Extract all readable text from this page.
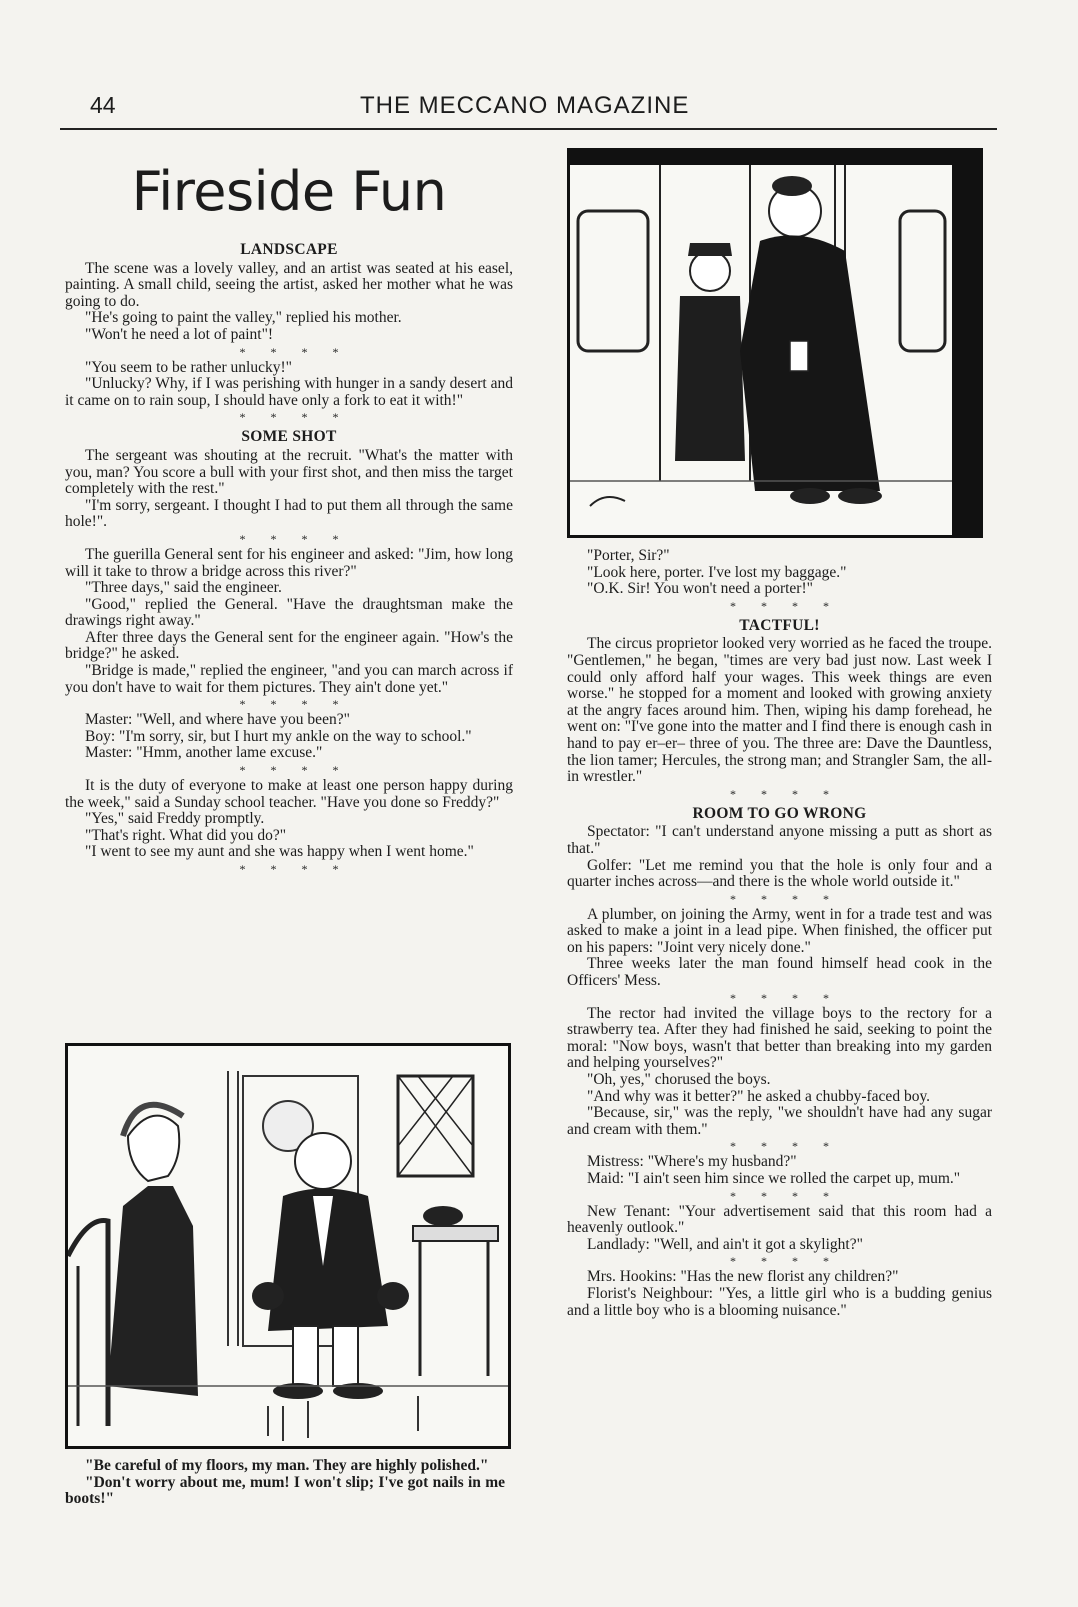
44	THE MECCANO MAGAZINE
Fireside Fun
LANDSCAPE

The scene was a lovely valley, and an artist was seated at his easel, painting. A small child, seeing the artist, asked her mother what he was going to do.

"He's going to paint the valley," replied his mother.

"Won't he need a lot of paint"!

* * * *

"You seem to be rather unlucky!"

"Unlucky? Why, if I was perishing with hunger in a sandy desert and it came on to rain soup, I should have only a fork to eat it with!"

* * * *

SOME SHOT

The sergeant was shouting at the recruit. "What's the matter with you, man? You score a bull with your first shot, and then miss the target completely with the rest."

"I'm sorry, sergeant. I thought I had to put them all through the same hole!".

* * * *

The guerilla General sent for his engineer and asked: "Jim, how long will it take to throw a bridge across this river?"

"Three days," said the engineer.

"Good," replied the General. "Have the draughtsman make the drawings right away."

After three days the General sent for the engineer again. "How's the bridge?" he asked.

"Bridge is made," replied the engineer, "and you can march across if you don't have to wait for them pictures. They ain't done yet."

* * * *

Master: "Well, and where have you been?"

Boy: "I'm sorry, sir, but I hurt my ankle on the way to school."

Master: "Hmm, another lame excuse."

* * * *

It is the duty of everyone to make at least one person happy during the week," said a Sunday school teacher. "Have you done so Freddy?"

"Yes," said Freddy promptly.

"That's right. What did you do?"

"I went to see my aunt and she was happy when I went home."

* * * *

"Be careful of my floors, my man. They are highly polished."

"Don't worry about me, mum! I won't slip; I've got nails in me boots!"

"Porter, Sir?"

"Look here, porter. I've lost my baggage."

"O.K. Sir! You won't need a porter!"

* * * *

TACTFUL!

The circus proprietor looked very worried as he faced the troupe. "Gentlemen," he began, "times are very bad just now. Last week I could only afford half your wages. This week things are even worse." he stopped for a moment and looked with growing anxiety at the angry faces around him. Then, wiping his damp forehead, he went on: "I've gone into the matter and I find there is enough cash in hand to pay er–er– three of you. The three are: Dave the Dauntless, the lion tamer; Hercules, the strong man; and Strangler Sam, the all-in wrestler."

* * * *

ROOM TO GO WRONG

Spectator: "I can't understand anyone missing a putt as short as that."

Golfer: "Let me remind you that the hole is only four and a quarter inches across—and there is the whole world outside it."

* * * *

A plumber, on joining the Army, went in for a trade test and was asked to make a joint in a lead pipe. When finished, the officer put on his papers: "Joint very nicely done."

Three weeks later the man found himself head cook in the Officers' Mess.

* * * *

The rector had invited the village boys to the rectory for a strawberry tea. After they had finished he said, seeking to point the moral: "Now boys, wasn't that better than breaking into my garden and helping yourselves?"

"Oh, yes," chorused the boys.

"And why was it better?" he asked a chubby-faced boy.

"Because, sir," was the reply, "we shouldn't have had any sugar and cream with them."

* * * *

Mistress: "Where's my husband?"

Maid: "I ain't seen him since we rolled the carpet up, mum."

* * * *

New Tenant: "Your advertisement said that this room had a heavenly outlook."

Landlady: "Well, and ain't it got a skylight?"

* * * *

Mrs. Hookins: "Has the new florist any children?"

Florist's Neighbour: "Yes, a little girl who is a budding genius and a little boy who is a blooming nuisance."
